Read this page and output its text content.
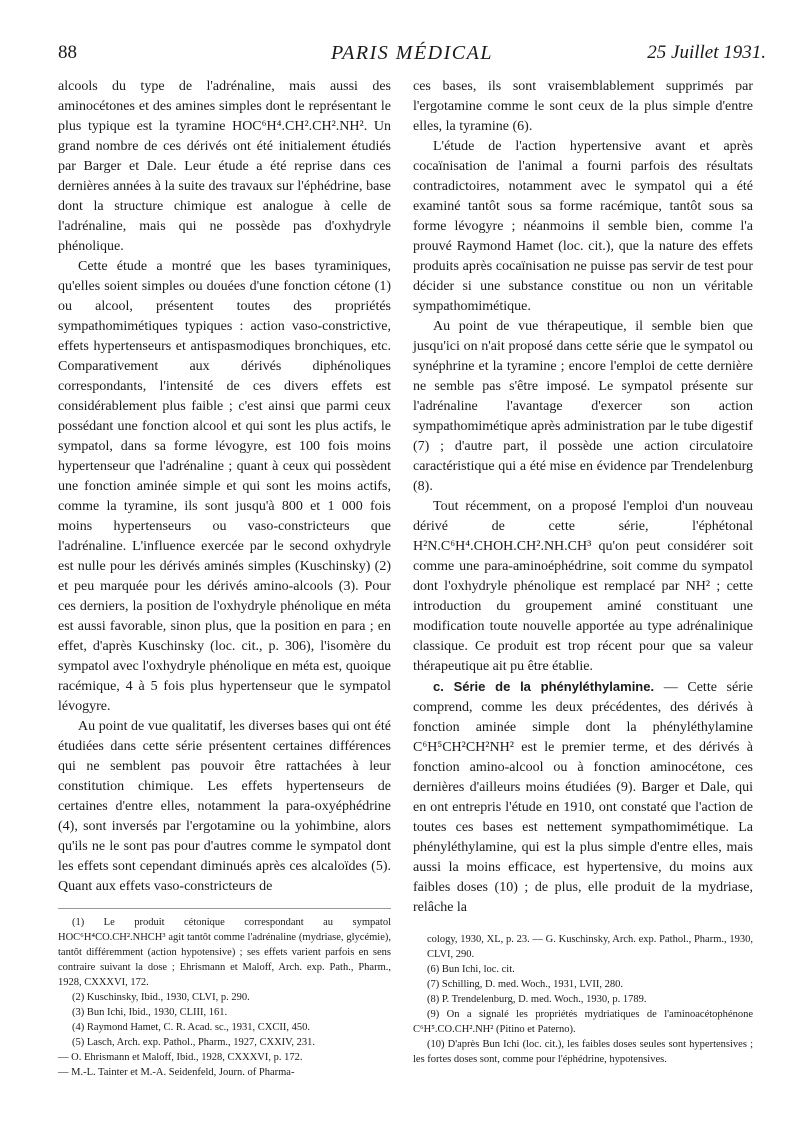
88	PARIS MÉDICAL	25 Juillet 1931.

alcools du type de l'adrénaline, mais aussi des aminocétones et des amines simples dont le représentant le plus typique est la tyramine HOC⁶H⁴.CH².CH².NH². Un grand nombre de ces dérivés ont été initialement étudiés par Barger et Dale. Leur étude a été reprise dans ces dernières années à la suite des travaux sur l'éphédrine, base dont la structure chimique est analogue à celle de l'adrénaline, mais qui ne possède pas d'oxhydryle phénolique.

Cette étude a montré que les bases tyraminiques, qu'elles soient simples ou douées d'une fonction cétone (1) ou alcool, présentent toutes des propriétés sympathomimétiques typiques : action vaso-constrictive, effets hypertenseurs et antispasmodiques bronchiques, etc. Comparativement aux dérivés diphénoliques correspondants, l'intensité de ces divers effets est considérablement plus faible ; c'est ainsi que parmi ceux possédant une fonction alcool et qui sont les plus actifs, le sympatol, dans sa forme lévogyre, est 100 fois moins hypertenseur que l'adrénaline ; quant à ceux qui possèdent une fonction aminée simple et qui sont les moins actifs, comme la tyramine, ils sont jusqu'à 800 et 1 000 fois moins hypertenseurs ou vaso-constricteurs que l'adrénaline. L'influence exercée par le second oxhydryle est nulle pour les dérivés aminés simples (Kuschinsky) (2) et peu marquée pour les dérivés amino-alcools (3). Pour ces derniers, la position de l'oxhydryle phénolique en méta est aussi favorable, sinon plus, que la position en para ; en effet, d'après Kuschinsky (loc. cit., p. 306), l'isomère du sympatol avec l'oxhydryle phénolique en méta est, quoique racémique, 4 à 5 fois plus hypertenseur que le sympatol lévogyre.

Au point de vue qualitatif, les diverses bases qui ont été étudiées dans cette série présentent certaines différences qui ne semblent pas pouvoir être rattachées à leur constitution chimique. Les effets hypertenseurs de certaines d'entre elles, notamment la para-oxyéphédrine (4), sont inversés par l'ergotamine ou la yohimbine, alors qu'ils ne le sont pas pour d'autres comme le sympatol dont les effets sont cependant diminués après ces alcaloïdes (5). Quant aux effets vaso-constricteurs de

ces bases, ils sont vraisemblablement supprimés par l'ergotamine comme le sont ceux de la plus simple d'entre elles, la tyramine (6).

L'étude de l'action hypertensive avant et après cocaïnisation de l'animal a fourni parfois des résultats contradictoires, notamment avec le sympatol qui a été examiné tantôt sous sa forme racémique, tantôt sous sa forme lévogyre ; néanmoins il semble bien, comme l'a prouvé Raymond Hamet (loc. cit.), que la nature des effets produits après cocaïnisation ne puisse pas servir de test pour décider si une substance constitue ou non un véritable sympathomimétique.

Au point de vue thérapeutique, il semble bien que jusqu'ici on n'ait proposé dans cette série que le sympatol ou synéphrine et la tyramine ; encore l'emploi de cette dernière ne semble pas s'être imposé. Le sympatol présente sur l'adrénaline l'avantage d'exercer son action sympathomimétique après administration par le tube digestif (7) ; d'autre part, il possède une action circulatoire caractéristique qui a été mise en évidence par Trendelenburg (8).

Tout récemment, on a proposé l'emploi d'un nouveau dérivé de cette série, l'éphétonal H²N.C⁶H⁴.CHOH.CH².NH.CH³ qu'on peut considérer soit comme une para-aminoéphédrine, soit comme du sympatol dont l'oxhydryle phénolique est remplacé par NH² ; cette introduction du groupement aminé constituant une modification toute nouvelle apportée au type adrénalinique classique. Ce produit est trop récent pour que sa valeur thérapeutique ait pu être établie.

c. Série de la phényléthylamine. — Cette série comprend, comme les deux précédentes, des dérivés à fonction aminée simple dont la phényléthylamine C⁶H⁵CH²CH²NH² est le premier terme, et des dérivés à fonction amino-alcool ou à fonction aminocétone, ces dernières d'ailleurs moins étudiées (9). Barger et Dale, qui en ont entrepris l'étude en 1910, ont constaté que l'action de toutes ces bases est nettement sympathomimétique. La phényléthylamine, qui est la plus simple d'entre elles, mais aussi la moins efficace, est hypertensive, du moins aux faibles doses (10) ; de plus, elle produit de la mydriase, relâche la

(1) Le produit cétonique correspondant au sympatol HOC⁶H⁴CO.CH².NHCH³ agit tantôt comme l'adrénaline (mydriase, glycémie), tantôt différemment (action hypotensive) ; ses effets varient parfois en sens contraire suivant la dose ; Ehrismann et Maloff, Arch. exp. Path., Pharm., 1928, CXXXVI, 172.

(2) Kuschinsky, Ibid., 1930, CLVI, p. 290.

(3) Bun Ichi, Ibid., 1930, CLIII, 161.

(4) Raymond Hamet, C. R. Acad. sc., 1931, CXCII, 450.

(5) Lasch, Arch. exp. Pathol., Pharm., 1927, CXXIV, 231.

— O. Ehrismann et Maloff, Ibid., 1928, CXXXVI, p. 172.

— M.-L. Tainter et M.-A. Seidenfeld, Journ. of Pharma-

cology, 1930, XL, p. 23. — G. Kuschinsky, Arch. exp. Pathol., Pharm., 1930, CLVI, 290.

(6) Bun Ichi, loc. cit.

(7) Schilling, D. med. Woch., 1931, LVII, 280.

(8) P. Trendelenburg, D. med. Woch., 1930, p. 1789.

(9) On a signalé les propriétés mydriatiques de l'aminoacétophénone C⁶H⁵.CO.CH².NH² (Pitino et Paterno).

(10) D'après Bun Ichi (loc. cit.), les faibles doses seules sont hypertensives ; les fortes doses sont, comme pour l'éphédrine, hypotensives.
